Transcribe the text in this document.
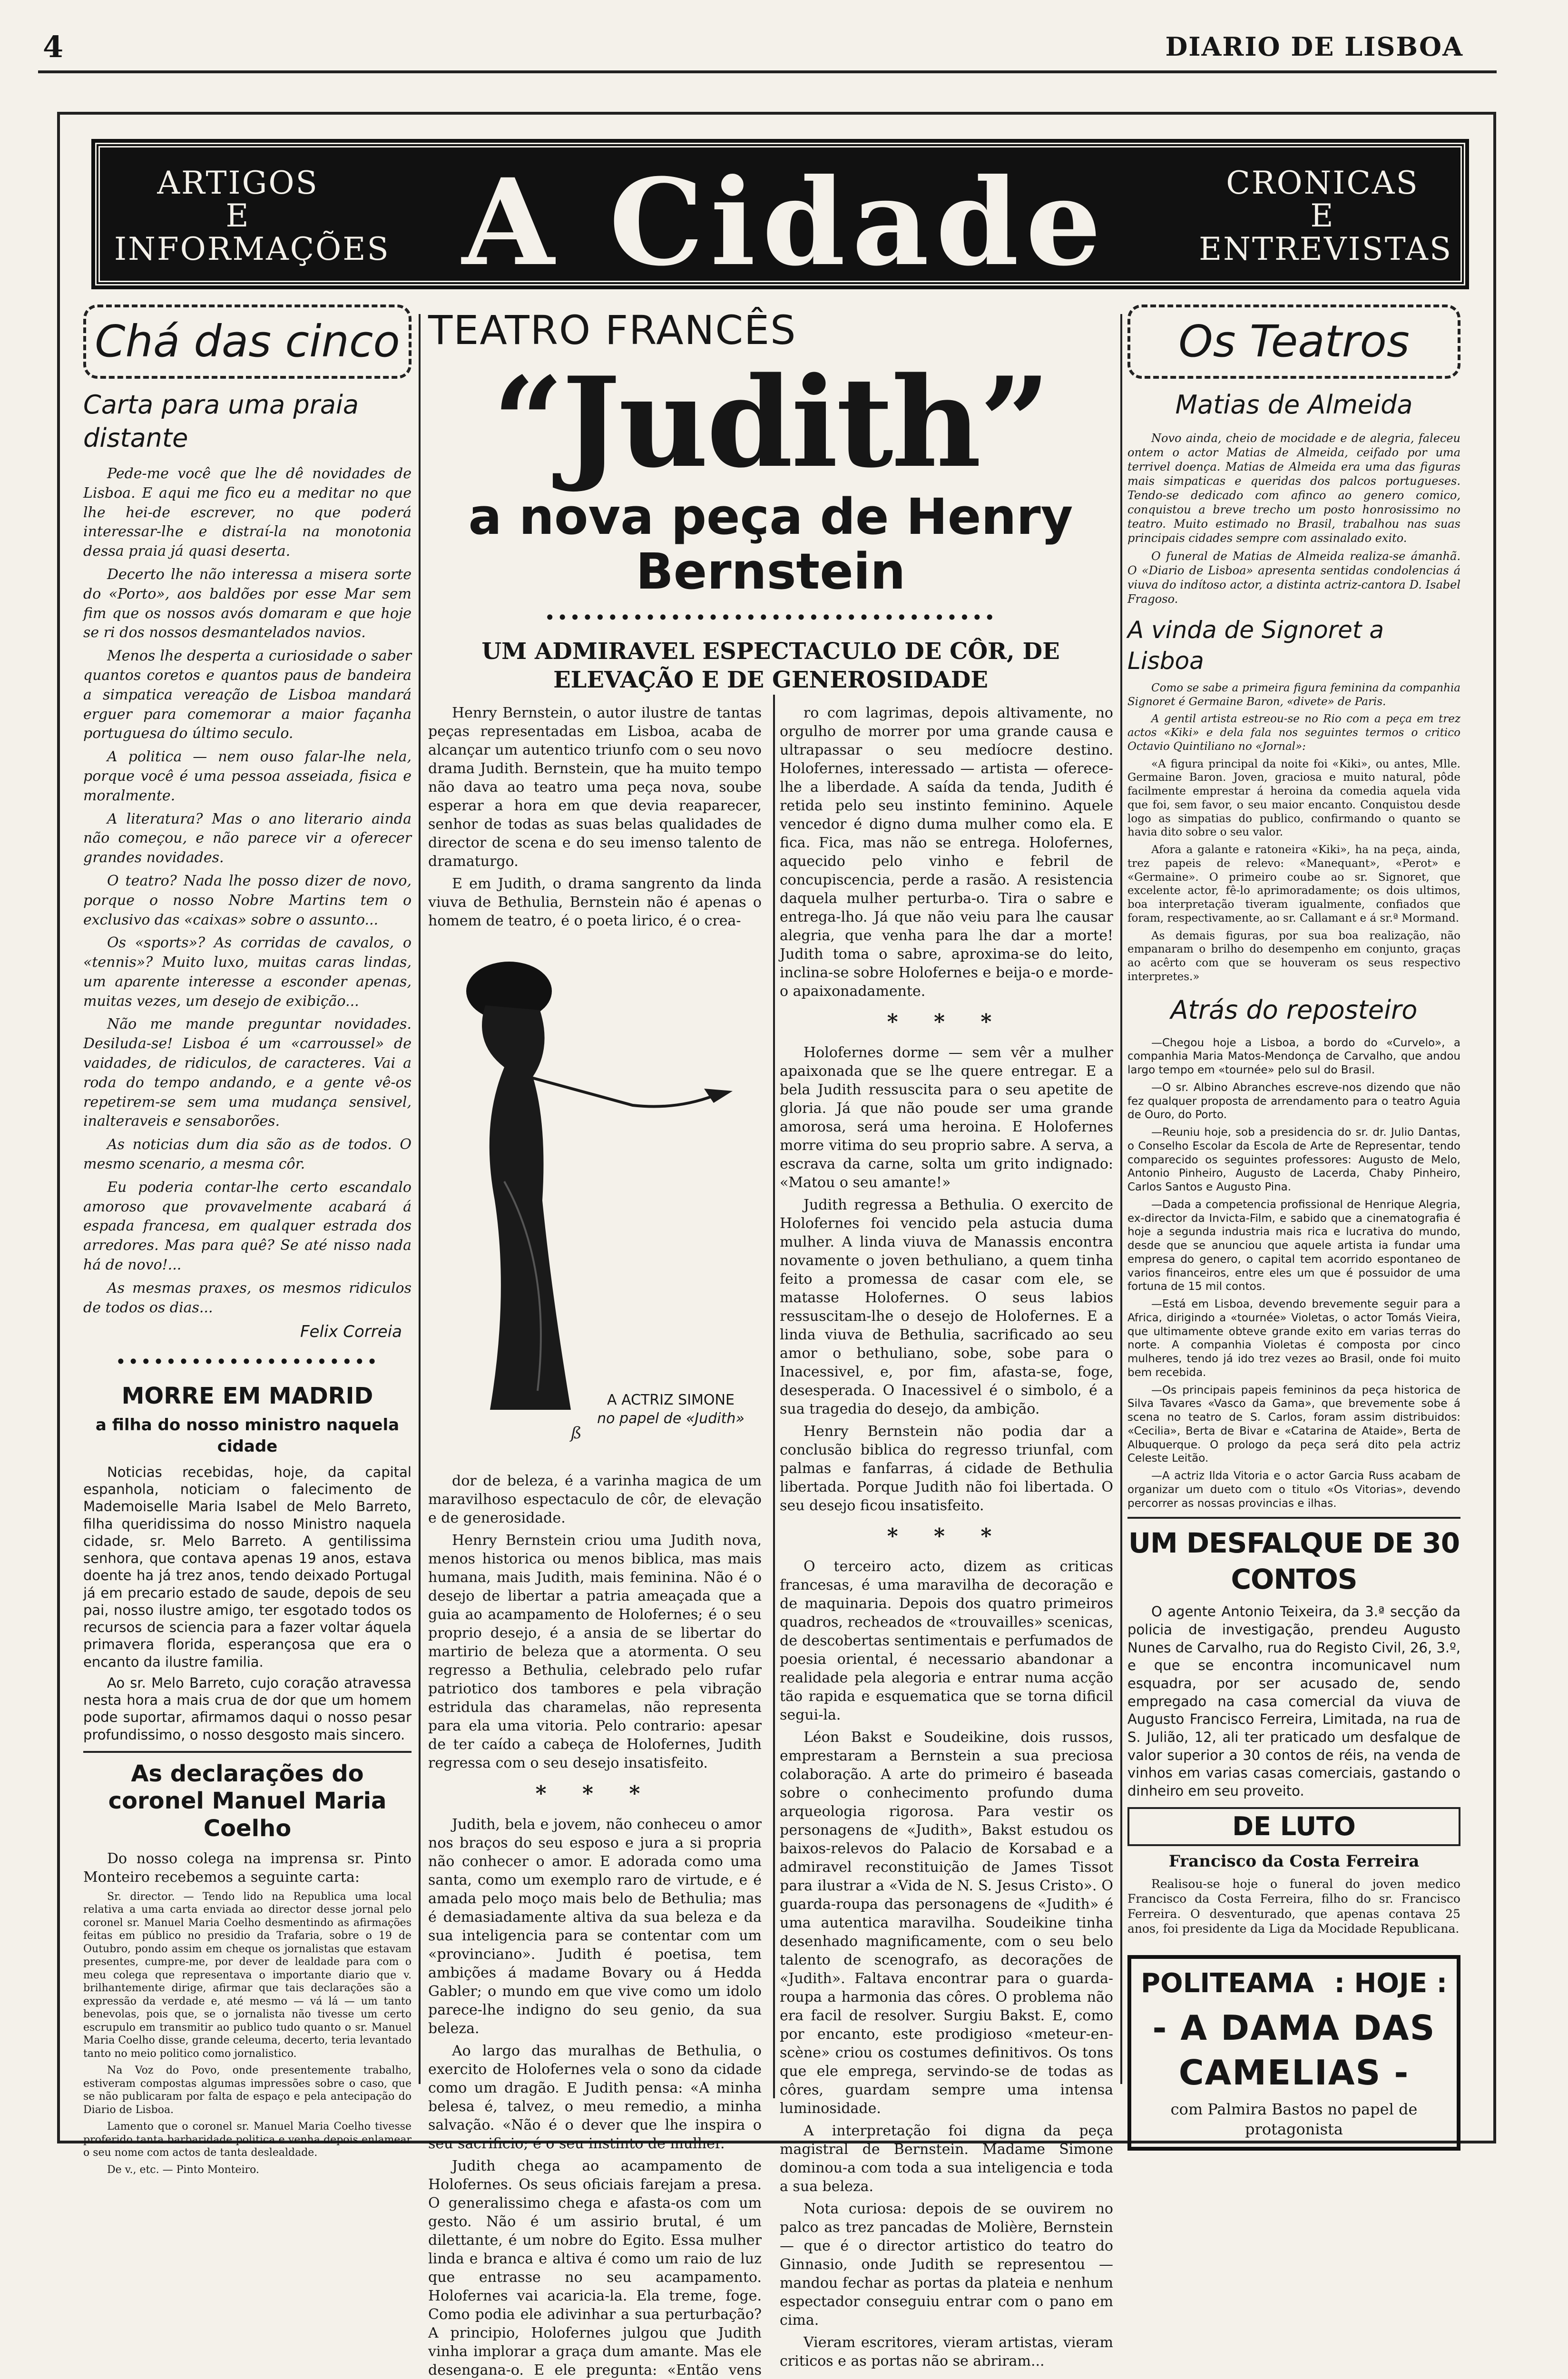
4	DIARIO DE LISBOA
ARTIGOS
E
INFORMAÇÕES A Cidade	CRONICAS
E
ENTREVISTAS
Chá das cinco
Carta para uma praia distante

Pede-me você que lhe dê novidades de Lisboa. E aqui me fico eu a meditar no que lhe hei-de escrever, no que poderá interessar-lhe e distraí-la na monotonia dessa praia já quasi deserta.

Decerto lhe não interessa a misera sorte do «Porto», aos baldões por esse Mar sem fim que os nossos avós domaram e que hoje se ri dos nossos desmantelados navios.

Menos lhe desperta a curiosidade o saber quantos coretos e quantos paus de bandeira a simpatica vereação de Lisboa mandará erguer para comemorar a maior façanha portuguesa do último seculo.

A politica — nem ouso falar-lhe nela, porque você é uma pessoa asseiada, fisica e moralmente.

A literatura? Mas o ano literario ainda não começou, e não parece vir a oferecer grandes novidades.

O teatro? Nada lhe posso dizer de novo, porque o nosso Nobre Martins tem o exclusivo das «caixas» sobre o assunto...

Os «sports»? As corridas de cavalos, o «tennis»? Muito luxo, muitas caras lindas, um aparente interesse a esconder apenas, muitas vezes, um desejo de exibição...

Não me mande preguntar novidades. Desiluda-se! Lisboa é um «carroussel» de vaidades, de ridiculos, de caracteres. Vai a roda do tempo andando, e a gente vê-os repetirem-se sem uma mudança sensivel, inalteraveis e sensaborões.

As noticias dum dia são as de todos. O mesmo scenario, a mesma côr.

Eu poderia contar-lhe certo escandalo amoroso que provavelmente acabará á espada francesa, em qualquer estrada dos arredores. Mas para quê? Se até nisso nada há de novo!...

As mesmas praxes, os mesmos ridiculos de todos os dias...

Felix Correia
•••••••••••••••••••••
MORRE EM MADRID
a filha do nosso ministro naquela cidade

Noticias recebidas, hoje, da capital espanhola, noticiam o falecimento de Mademoiselle Maria Isabel de Melo Barreto, filha queridissima do nosso Ministro naquela cidade, sr. Melo Barreto. A gentilissima senhora, que contava apenas 19 anos, estava doente ha já trez anos, tendo deixado Portugal já em precario estado de saude, depois de seu pai, nosso ilustre amigo, ter esgotado todos os recursos de sciencia para a fazer voltar áquela primavera florida, esperançosa que era o encanto da ilustre familia.

Ao sr. Melo Barreto, cujo coração atravessa nesta hora a mais crua de dor que um homem pode suportar, afirmamos daqui o nosso pesar profundissimo, o nosso desgosto mais sincero.

As declarações do coronel Manuel Maria Coelho

Do nosso colega na imprensa sr. Pinto Monteiro recebemos a seguinte carta:

Sr. director. — Tendo lido na Republica uma local relativa a uma carta enviada ao director desse jornal pelo coronel sr. Manuel Maria Coelho desmentindo as afirmações feitas em público no presidio da Trafaria, sobre o 19 de Outubro, pondo assim em cheque os jornalistas que estavam presentes, cumpre-me, por dever de lealdade para com o meu colega que representava o importante diario que v. brilhantemente dirige, afirmar que tais declarações são a expressão da verdade e, até mesmo — vá lá — um tanto benevolas, pois que, se o jornalista não tivesse um certo escrupulo em transmitir ao publico tudo quanto o sr. Manuel Maria Coelho disse, grande celeuma, decerto, teria levantado tanto no meio politico como jornalistico.

Na Voz do Povo, onde presentemente trabalho, estiveram compostas algumas impressões sobre o caso, que se não publicaram por falta de espaço e pela antecipação do Diario de Lisboa.

Lamento que o coronel sr. Manuel Maria Coelho tivesse proferido tanta barbaridade politica e venha depois enlamear o seu nome com actos de tanta deslealdade.

De v., etc. — Pinto Monteiro.

TEATRO FRANCÊS
“Judith”
a nova peça de Henry Bernstein
••••••••••••••••••••••••••••••••••••
UM ADMIRAVEL ESPECTACULO DE CÔR, DE ELEVAÇÃO E DE GENEROSIDADE

Henry Bernstein, o autor ilustre de tantas peças representadas em Lisboa, acaba de alcançar um autentico triunfo com o seu novo drama Judith. Bernstein, que ha muito tempo não dava ao teatro uma peça nova, soube esperar a hora em que devia reaparecer, senhor de todas as suas belas qualidades de director de scena e do seu imenso talento de dramaturgo.

E em Judith, o drama sangrento da linda viuva de Bethulia, Bernstein não é apenas o homem de teatro, é o poeta lirico, é o crea-

ß
A ACTRIZ SIMONE
no papel de «Judith»

dor de beleza, é a varinha magica de um maravilhoso espectaculo de côr, de elevação e de generosidade.

Henry Bernstein criou uma Judith nova, menos historica ou menos biblica, mas mais humana, mais Judith, mais feminina. Não é o desejo de libertar a patria ameaçada que a guia ao acampamento de Holofernes; é o seu proprio desejo, é a ansia de se libertar do martirio de beleza que a atormenta. O seu regresso a Bethulia, celebrado pelo rufar patriotico dos tambores e pela vibração estridula das charamelas, não representa para ela uma vitoria. Pelo contrario: apesar de ter caído a cabeça de Holofernes, Judith regressa com o seu desejo insatisfeito.

* * *

Judith, bela e jovem, não conheceu o amor nos braços do seu esposo e jura a si propria não conhecer o amor. E adorada como uma santa, como um exemplo raro de virtude, e é amada pelo moço mais belo de Bethulia; mas é demasiadamente altiva da sua beleza e da sua inteligencia para se contentar com um «provinciano». Judith é poetisa, tem ambições á madame Bovary ou á Hedda Gabler; o mundo em que vive como um idolo parece-lhe indigno do seu genio, da sua beleza.

Ao largo das muralhas de Bethulia, o exercito de Holofernes vela o sono da cidade como um dragão. E Judith pensa: «A minha belesa é, talvez, o meu remedio, a minha salvação. «Não é o dever que lhe inspira o seu sacrificio; é o seu instinto de mulher.

Judith chega ao acampamento de Holofernes. Os seus oficiais farejam a presa. O generalissimo chega e afasta-os com um gesto. Não é um assirio brutal, é um dilettante, é um nobre do Egito. Essa mulher linda e branca e altiva é como um raio de luz que entrasse no seu acampamento. Holofernes vai acaricia-la. Ela treme, foge. Como podia ele adivinhar a sua perturbação? A principio, Holofernes julgou que Judith vinha implorar a graça dum amante. Mas ele desengana-o. E ele pregunta: «Então vens

ro com lagrimas, depois altivamente, no orgulho de morrer por uma grande causa e ultrapassar o seu medíocre destino. Holofernes, interessado — artista — oferece-lhe a liberdade. A saída da tenda, Judith é retida pelo seu instinto feminino. Aquele vencedor é digno duma mulher como ela. E fica. Fica, mas não se entrega. Holofernes, aquecido pelo vinho e febril de concupiscencia, perde a rasão. A resistencia daquela mulher perturba-o. Tira o sabre e entrega-lho. Já que não veiu para lhe causar alegria, que venha para lhe dar a morte! Judith toma o sabre, aproxima-se do leito, inclina-se sobre Holofernes e beija-o e morde-o apaixonadamente.

* * *

Holofernes dorme — sem vêr a mulher apaixonada que se lhe quere entregar. E a bela Judith ressuscita para o seu apetite de gloria. Já que não poude ser uma grande amorosa, será uma heroina. E Holofernes morre vitima do seu proprio sabre. A serva, a escrava da carne, solta um grito indignado: «Matou o seu amante!»

Judith regressa a Bethulia. O exercito de Holofernes foi vencido pela astucia duma mulher. A linda viuva de Manassis encontra novamente o joven bethuliano, a quem tinha feito a promessa de casar com ele, se matasse Holofernes. O seus labios ressuscitam-lhe o desejo de Holofernes. E a linda viuva de Bethulia, sacrificado ao seu amor o bethuliano, sobe, sobe para o Inacessivel, e, por fim, afasta-se, foge, desesperada. O Inacessivel é o simbolo, é a sua tragedia do desejo, da ambição.

Henry Bernstein não podia dar a conclusão biblica do regresso triunfal, com palmas e fanfarras, á cidade de Bethulia libertada. Porque Judith não foi libertada. O seu desejo ficou insatisfeito.

* * *

O terceiro acto, dizem as criticas francesas, é uma maravilha de decoração e de maquinaria. Depois dos quatro primeiros quadros, recheados de «trouvailles» scenicas, de descobertas sentimentais e perfumados de poesia oriental, é necessario abandonar a realidade pela alegoria e entrar numa acção tão rapida e esquematica que se torna dificil segui-la.

Léon Bakst e Soudeikine, dois russos, emprestaram a Bernstein a sua preciosa colaboração. A arte do primeiro é baseada sobre o conhecimento profundo duma arqueologia rigorosa. Para vestir os personagens de «Judith», Bakst estudou os baixos-relevos do Palacio de Korsabad e a admiravel reconstituição de James Tissot para ilustrar a «Vida de N. S. Jesus Cristo». O guarda-roupa das personagens de «Judith» é uma autentica maravilha. Soudeikine tinha desenhado magnificamente, com o seu belo talento de scenografo, as decorações de «Judith». Faltava encontrar para o guarda-roupa a harmonia das côres. O problema não era facil de resolver. Surgiu Bakst. E, como por encanto, este prodigioso «meteur-en-scène» criou os costumes definitivos. Os tons que ele emprega, servindo-se de todas as côres, guardam sempre uma intensa luminosidade.

A interpretação foi digna da peça magistral de Bernstein. Madame Simone dominou-a com toda a sua inteligencia e toda a sua beleza.

Nota curiosa: depois de se ouvirem no palco as trez pancadas de Molière, Bernstein — que é o director artistico do teatro do Ginnasio, onde Judith se representou — mandou fechar as portas da plateia e nenhum espectador conseguiu entrar com o pano em cima.

Vieram escritores, vieram artistas, vieram criticos e as portas não se abriram...

Os Teatros
Matias de Almeida

Novo ainda, cheio de mocidade e de alegria, faleceu ontem o actor Matias de Almeida, ceifado por uma terrivel doença. Matias de Almeida era uma das figuras mais simpaticas e queridas dos palcos portugueses. Tendo-se dedicado com afinco ao genero comico, conquistou a breve trecho um posto honrosissimo no teatro. Muito estimado no Brasil, trabalhou nas suas principais cidades sempre com assinalado exito.

O funeral de Matias de Almeida realiza-se ámanhã. O «Diario de Lisboa» apresenta sentidas condolencias á viuva do indítoso actor, a distinta actriz-cantora D. Isabel Fragoso.

A vinda de Signoret a Lisboa

Como se sabe a primeira figura feminina da companhia Signoret é Germaine Baron, «divete» de Paris.

A gentil artista estreou-se no Rio com a peça em trez actos «Kiki» e dela fala nos seguintes termos o critico Octavio Quintiliano no «Jornal»:

«A figura principal da noite foi «Kiki», ou antes, Mlle. Germaine Baron. Joven, graciosa e muito natural, pôde facilmente emprestar á heroina da comedia aquela vida que foi, sem favor, o seu maior encanto. Conquistou desde logo as simpatias do publico, confirmando o quanto se havia dito sobre o seu valor.

Afora a galante e ratoneira «Kiki», ha na peça, ainda, trez papeis de relevo: «Manequant», «Perot» e «Germaine». O primeiro coube ao sr. Signoret, que excelente actor, fê-lo aprimoradamente; os dois ultimos, boa interpretação tiveram igualmente, confiados que foram, respectivamente, ao sr. Callamant e á sr.ª Mormand.

As demais figuras, por sua boa realização, não empanaram o brilho do desempenho em conjunto, graças ao acêrto com que se houveram os seus respectivo interpretes.»

Atrás do reposteiro

—Chegou hoje a Lisboa, a bordo do «Curvelo», a companhia Maria Matos-Mendonça de Carvalho, que andou largo tempo em «tournée» pelo sul do Brasil.

—O sr. Albino Abranches escreve-nos dizendo que não fez qualquer proposta de arrendamento para o teatro Aguia de Ouro, do Porto.

—Reuniu hoje, sob a presidencia do sr. dr. Julio Dantas, o Conselho Escolar da Escola de Arte de Representar, tendo comparecido os seguintes professores: Augusto de Melo, Antonio Pinheiro, Augusto de Lacerda, Chaby Pinheiro, Carlos Santos e Augusto Pina.

—Dada a competencia profissional de Henrique Alegria, ex-director da Invicta-Film, e sabido que a cinematografia é hoje a segunda industria mais rica e lucrativa do mundo, desde que se anunciou que aquele artista ia fundar uma empresa do genero, o capital tem acorrido espontaneo de varios financeiros, entre eles um que é possuidor de uma fortuna de 15 mil contos.

—Está em Lisboa, devendo brevemente seguir para a Africa, dirigindo a «tournée» Violetas, o actor Tomás Vieira, que ultimamente obteve grande exito em varias terras do norte. A companhia Violetas é composta por cinco mulheres, tendo já ido trez vezes ao Brasil, onde foi muito bem recebida.

—Os principais papeis femininos da peça historica de Silva Tavares «Vasco da Gama», que brevemente sobe á scena no teatro de S. Carlos, foram assim distribuidos: «Cecilia», Berta de Bivar e «Catarina de Ataide», Berta de Albuquerque. O prologo da peça será dito pela actriz Celeste Leitão.

—A actriz Ilda Vitoria e o actor Garcia Russ acabam de organizar um dueto com o titulo «Os Vitorias», devendo percorrer as nossas provincias e ilhas.

UM DESFALQUE DE 30 CONTOS

O agente Antonio Teixeira, da 3.ª secção da policia de investigação, prendeu Augusto Nunes de Carvalho, rua do Registo Civil, 26, 3.º, e que se encontra incomunicavel num esquadra, por ser acusado de, sendo empregado na casa comercial da viuva de Augusto Francisco Ferreira, Limitada, na rua de S. Julião, 12, ali ter praticado um desfalque de valor superior a 30 contos de réis, na venda de vinhos em varias casas comerciais, gastando o dinheiro em seu proveito.

DE LUTO
Francisco da Costa Ferreira

Realisou-se hoje o funeral do joven medico Francisco da Costa Ferreira, filho do sr. Francisco Ferreira. O desventurado, que apenas contava 25 anos, foi presidente da Liga da Mocidade Republicana.

POLITEAMA : HOJE :
- A DAMA DAS CAMELIAS -
com Palmira Bastos no papel de protagonista
